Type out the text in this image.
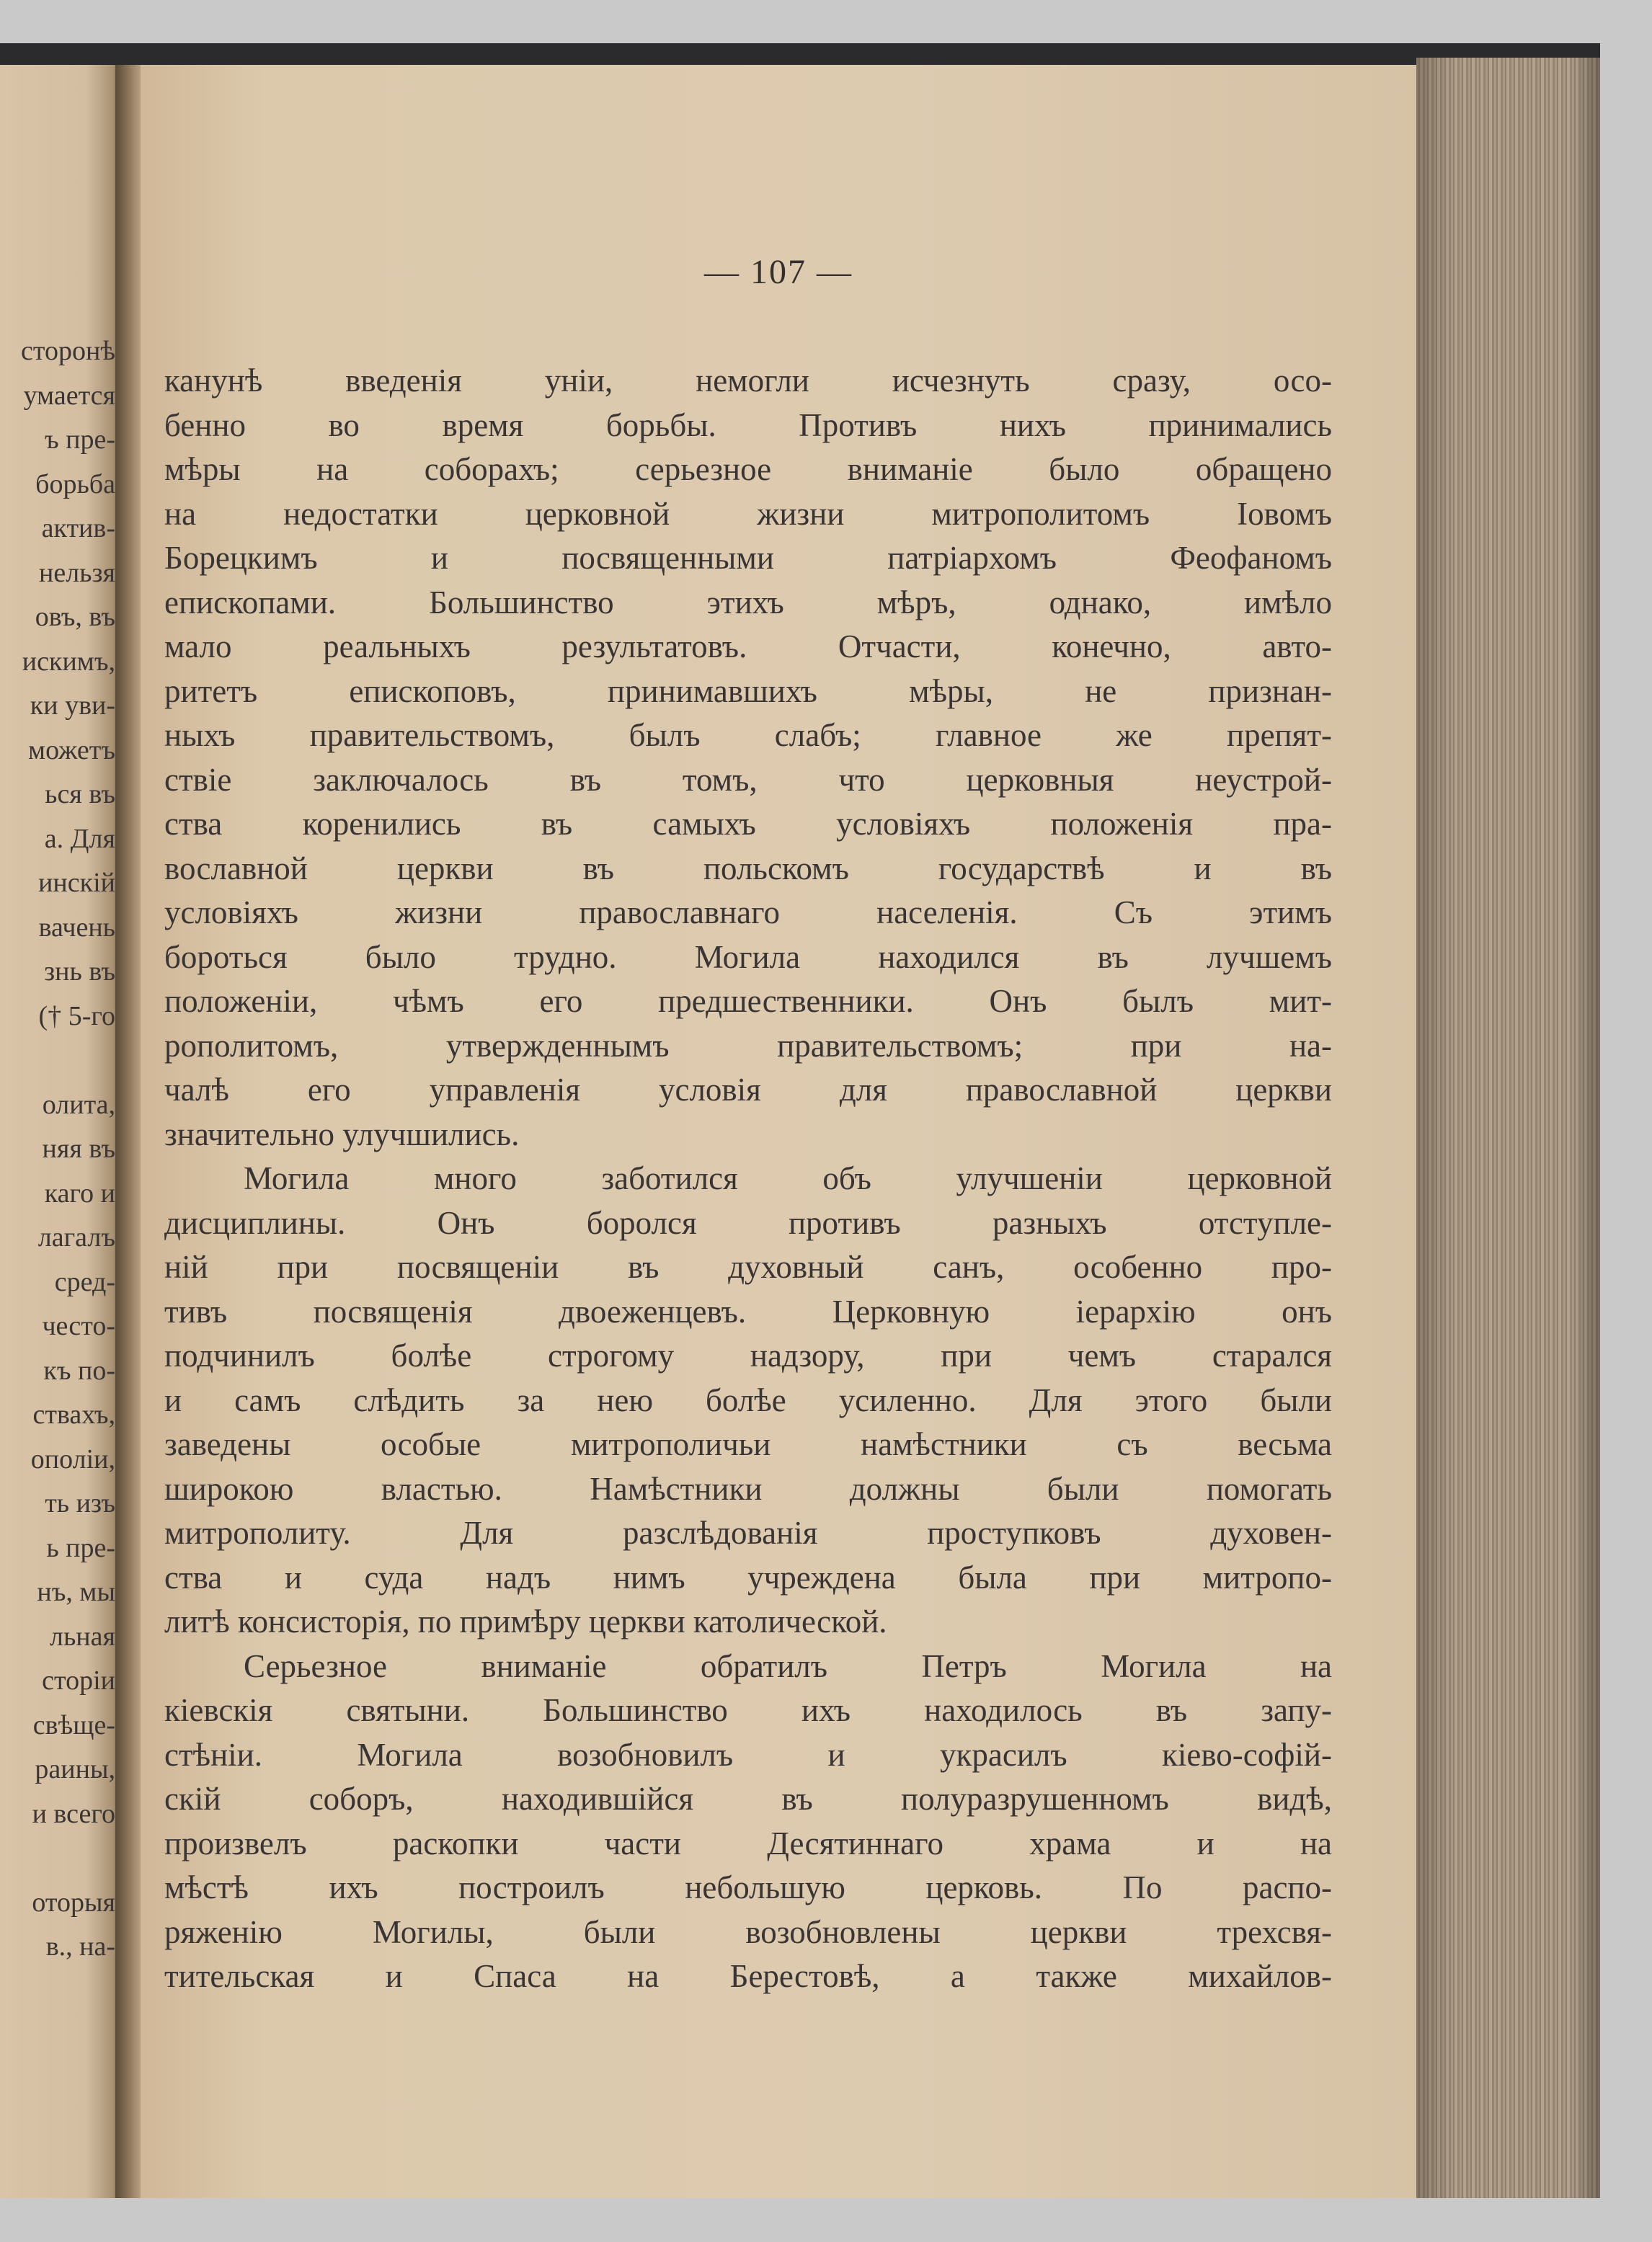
сторонѣ
умается
ъ пре-
борьба
актив-
нельзя
овъ, въ
искимъ,
ки уви-
можетъ
ься въ
а. Для
инскій
вачень
знь въ
(† 5-го
олита,
няя въ
каго и
лагалъ
сред-
често-
къ по-
ствахъ,
ополіи,
ть изъ
ь пре-
нъ, мы
льная
сторіи
свѣще-
раины,
и всего
оторыя
в., на-
— 107 —
канунѣ введенія уніи, немогли исчезнуть сразу, осо-
бенно во время борьбы. Противъ нихъ принимались
мѣры на соборахъ; серьезное вниманіе было обращено
на недостатки церковной жизни митрополитомъ Іовомъ
Борецкимъ и посвященными патріархомъ Феофаномъ
епископами. Большинство этихъ мѣръ, однако, имѣло
мало реальныхъ результатовъ. Отчасти, конечно, авто-
ритетъ епископовъ, принимавшихъ мѣры, не признан-
ныхъ правительствомъ, былъ слабъ; главное же препят-
ствіе заключалось въ томъ, что церковныя неустрой-
ства коренились въ самыхъ условіяхъ положенія пра-
вославной церкви въ польскомъ государствѣ и въ
условіяхъ жизни православнаго населенія. Съ этимъ
бороться было трудно. Могила находился въ лучшемъ
положеніи, чѣмъ его предшественники. Онъ былъ мит-
рополитомъ, утвержденнымъ правительствомъ; при на-
чалѣ его управленія условія для православной церкви
значительно улучшились.
Могила много заботился объ улучшеніи церковной
дисциплины. Онъ боролся противъ разныхъ отступле-
ній при посвященіи въ духовный санъ, особенно про-
тивъ посвященія двоеженцевъ. Церковную іерархію онъ
подчинилъ болѣе строгому надзору, при чемъ старался
и самъ слѣдить за нею болѣе усиленно. Для этого были
заведены особые митрополичьи намѣстники съ весьма
широкою властью. Намѣстники должны были помогать
митрополиту. Для разслѣдованія проступковъ духовен-
ства и суда надъ нимъ учреждена была при митропо-
литѣ консисторія, по примѣру церкви католической.
Серьезное вниманіе обратилъ Петръ Могила на
кіевскія святыни. Большинство ихъ находилось въ запу-
стѣніи. Могила возобновилъ и украсилъ кіево-софій-
скій соборъ, находившійся въ полуразрушенномъ видѣ,
произвелъ раскопки части Десятиннаго храма и на
мѣстѣ ихъ построилъ небольшую церковь. По распо-
ряженію Могилы, были возобновлены церкви трехсвя-
тительская и Спаса на Берестовѣ, а также михайлов-
